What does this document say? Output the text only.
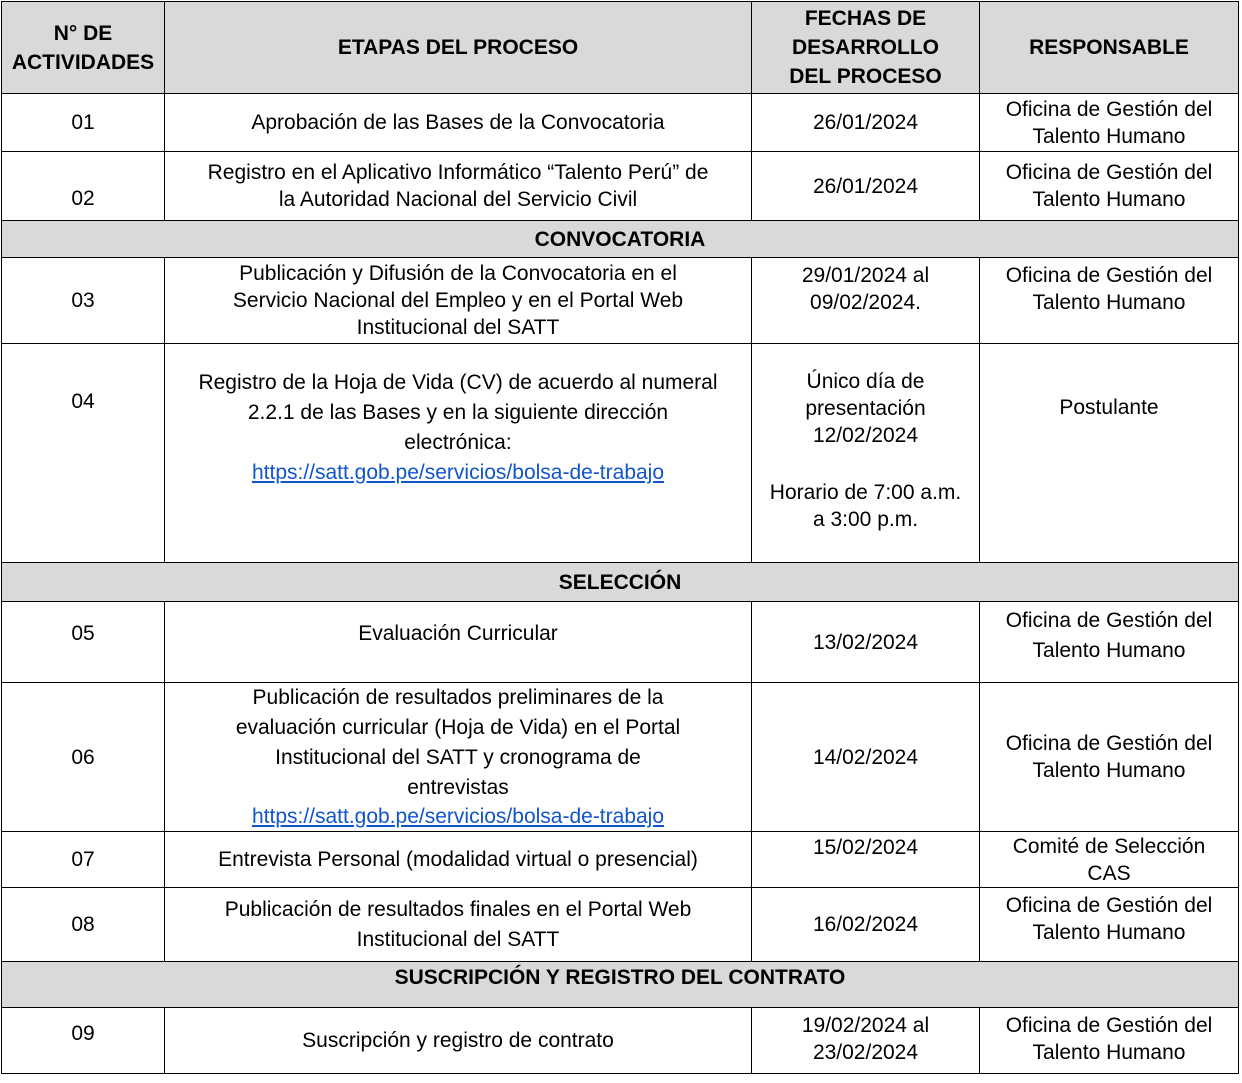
N° DE
ACTIVIDADES	ETAPAS DEL PROCESO	FECHAS DE
DESARROLLO
DEL PROCESO	RESPONSABLE
01	Aprobación de las Bases de la Convocatoria	26/01/2024	Oficina de Gestión del
Talento Humano

02	Registro en el Aplicativo Informático “Talento Perú” de
la Autoridad Nacional del Servicio Civil	26/01/2024	Oficina de Gestión del
Talento Humano

CONVOCATORIA			
03	Publicación y Difusión de la Convocatoria en el
Servicio Nacional del Empleo y en el Portal Web
Institucional del SATT	29/01/2024 al
09/02/2024.	Oficina de Gestión del
Talento Humano

04	Registro de la Hoja de Vida (CV) de acuerdo al numeral
2.2.1 de las Bases y en la siguiente dirección
electrónica:
https://satt.gob.pe/servicios/bolsa-de-trabajo	Único día de
presentación
12/02/2024
Horario de 7:00 a.m.
a 3:00 p.m.	Postulante

SELECCIÓN			
05	Evaluación Curricular	13/02/2024	Oficina de Gestión del
Talento Humano

06	Publicación de resultados preliminares de la
evaluación curricular (Hoja de Vida) en el Portal
Institucional del SATT y cronograma de
entrevistas
https://satt.gob.pe/servicios/bolsa-de-trabajo	14/02/2024	Oficina de Gestión del
Talento Humano

07	Entrevista Personal (modalidad virtual o presencial)	15/02/2024	Comité de Selección
CAS

08	Publicación de resultados finales en el Portal Web
Institucional del SATT	16/02/2024	Oficina de Gestión del
Talento Humano

SUSCRIPCIÓN Y REGISTRO DEL CONTRATO			
09	Suscripción y registro de contrato	19/02/2024 al
23/02/2024	Oficina de Gestión del
Talento Humano
